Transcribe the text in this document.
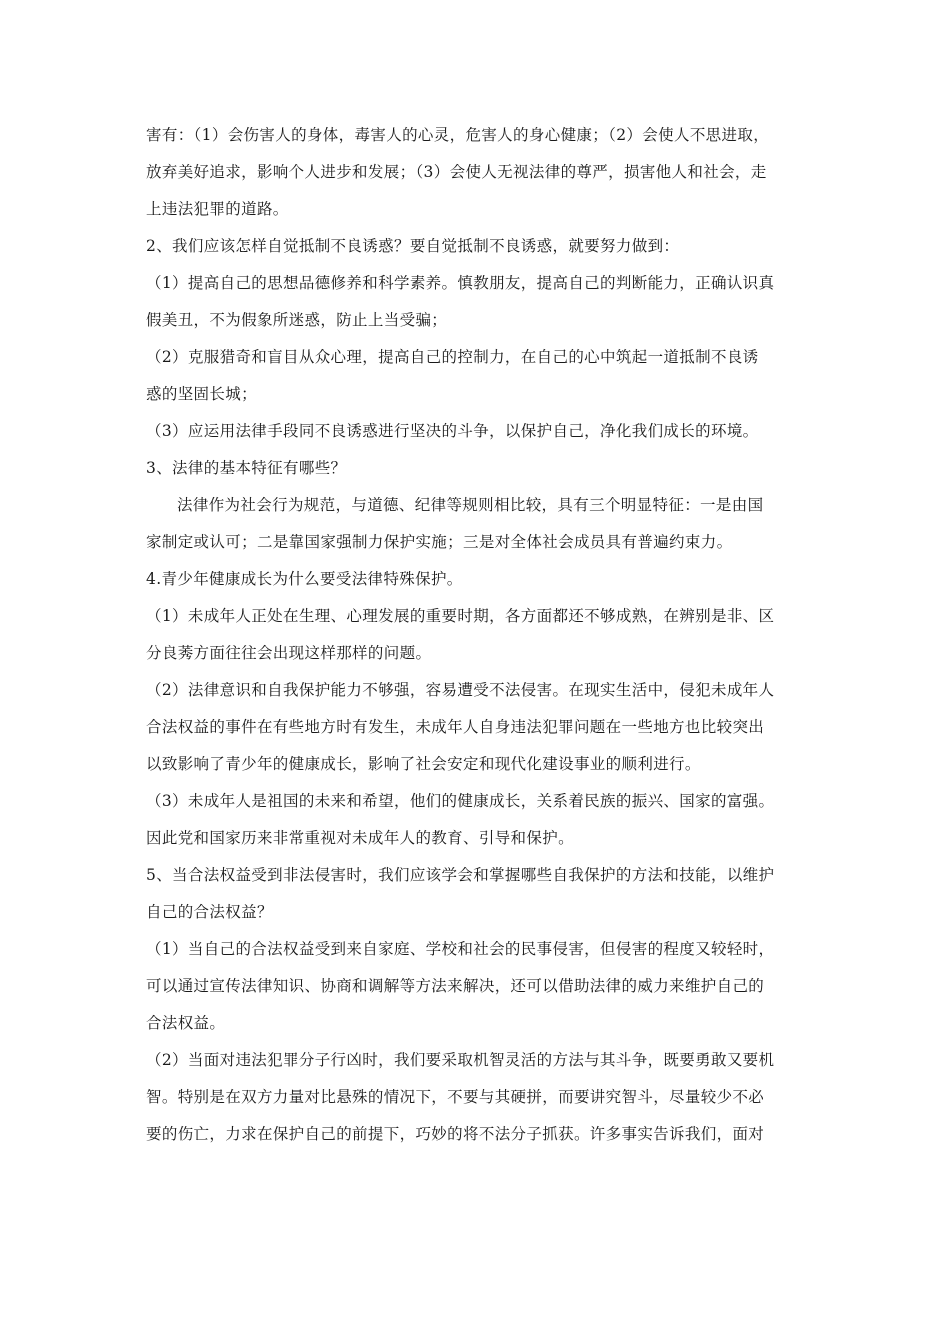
害有：（1）会伤害人的身体，毒害人的心灵，危害人的身心健康；（2）会使人不思进取，
放弃美好追求，影响个人进步和发展；（3）会使人无视法律的尊严，损害他人和社会，走
上违法犯罪的道路。
2、我们应该怎样自觉抵制不良诱惑？要自觉抵制不良诱惑，就要努力做到：
（1）提高自己的思想品德修养和科学素养。慎教朋友，提高自己的判断能力，正确认识真
假美丑，不为假象所迷惑，防止上当受骗；
（2）克服猎奇和盲目从众心理，提高自己的控制力，在自己的心中筑起一道抵制不良诱
惑的坚固长城；
（3）应运用法律手段同不良诱惑进行坚决的斗争，以保护自己，净化我们成长的环境。
3、法律的基本特征有哪些？
法律作为社会行为规范，与道德、纪律等规则相比较，具有三个明显特征：一是由国
家制定或认可；二是靠国家强制力保护实施；三是对全体社会成员具有普遍约束力。
4.青少年健康成长为什么要受法律特殊保护。
（1）未成年人正处在生理、心理发展的重要时期，各方面都还不够成熟，在辨别是非、区
分良莠方面往往会出现这样那样的问题。
（2）法律意识和自我保护能力不够强，容易遭受不法侵害。在现实生活中，侵犯未成年人
合法权益的事件在有些地方时有发生，未成年人自身违法犯罪问题在一些地方也比较突出
以致影响了青少年的健康成长，影响了社会安定和现代化建设事业的顺利进行。
（3）未成年人是祖国的未来和希望，他们的健康成长，关系着民族的振兴、国家的富强。
因此党和国家历来非常重视对未成年人的教育、引导和保护。
5、当合法权益受到非法侵害时，我们应该学会和掌握哪些自我保护的方法和技能，以维护
自己的合法权益？
（1）当自己的合法权益受到来自家庭、学校和社会的民事侵害，但侵害的程度又较轻时，
可以通过宣传法律知识、协商和调解等方法来解决，还可以借助法律的威力来维护自己的
合法权益。
（2）当面对违法犯罪分子行凶时，我们要采取机智灵活的方法与其斗争，既要勇敢又要机
智。特别是在双方力量对比悬殊的情况下，不要与其硬拼，而要讲究智斗，尽量较少不必
要的伤亡，力求在保护自己的前提下，巧妙的将不法分子抓获。许多事实告诉我们，面对
